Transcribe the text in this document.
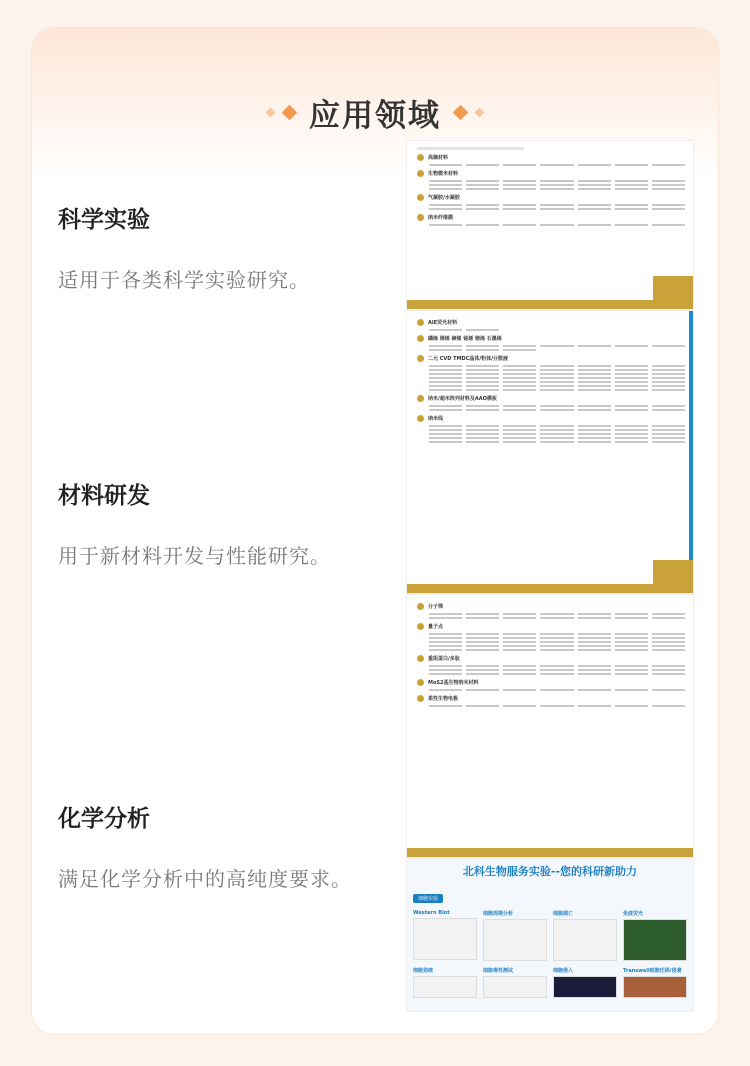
应用领域

科学实验

适用于各类科学实验研究。

材料研发

用于新材料开发与性能研究。

化学分析

满足化学分析中的高纯度要求。

高熵材料
生物微米材料
气凝胶/水凝胶
纳米纤维膜
AIE荧光材料
磷烯 锑烯 碲烯 铋烯 锗烯 石墨烯
二元 CVD TMDC晶体/粉体/分散液
纳米/超米阵列材料及AAO模板
纳米线
分子筛
量子点
重组蛋白/多肽
MoS2基生物纳米材料
柔性生物电极
北科生物服务实验--您的科研新助力
细胞实验
Western Blot	细胞周期分析	细胞凋亡	免疫荧光
细胞划痕	细胞毒性测试	细胞侵入	Transwell细胞迁移/侵袭
